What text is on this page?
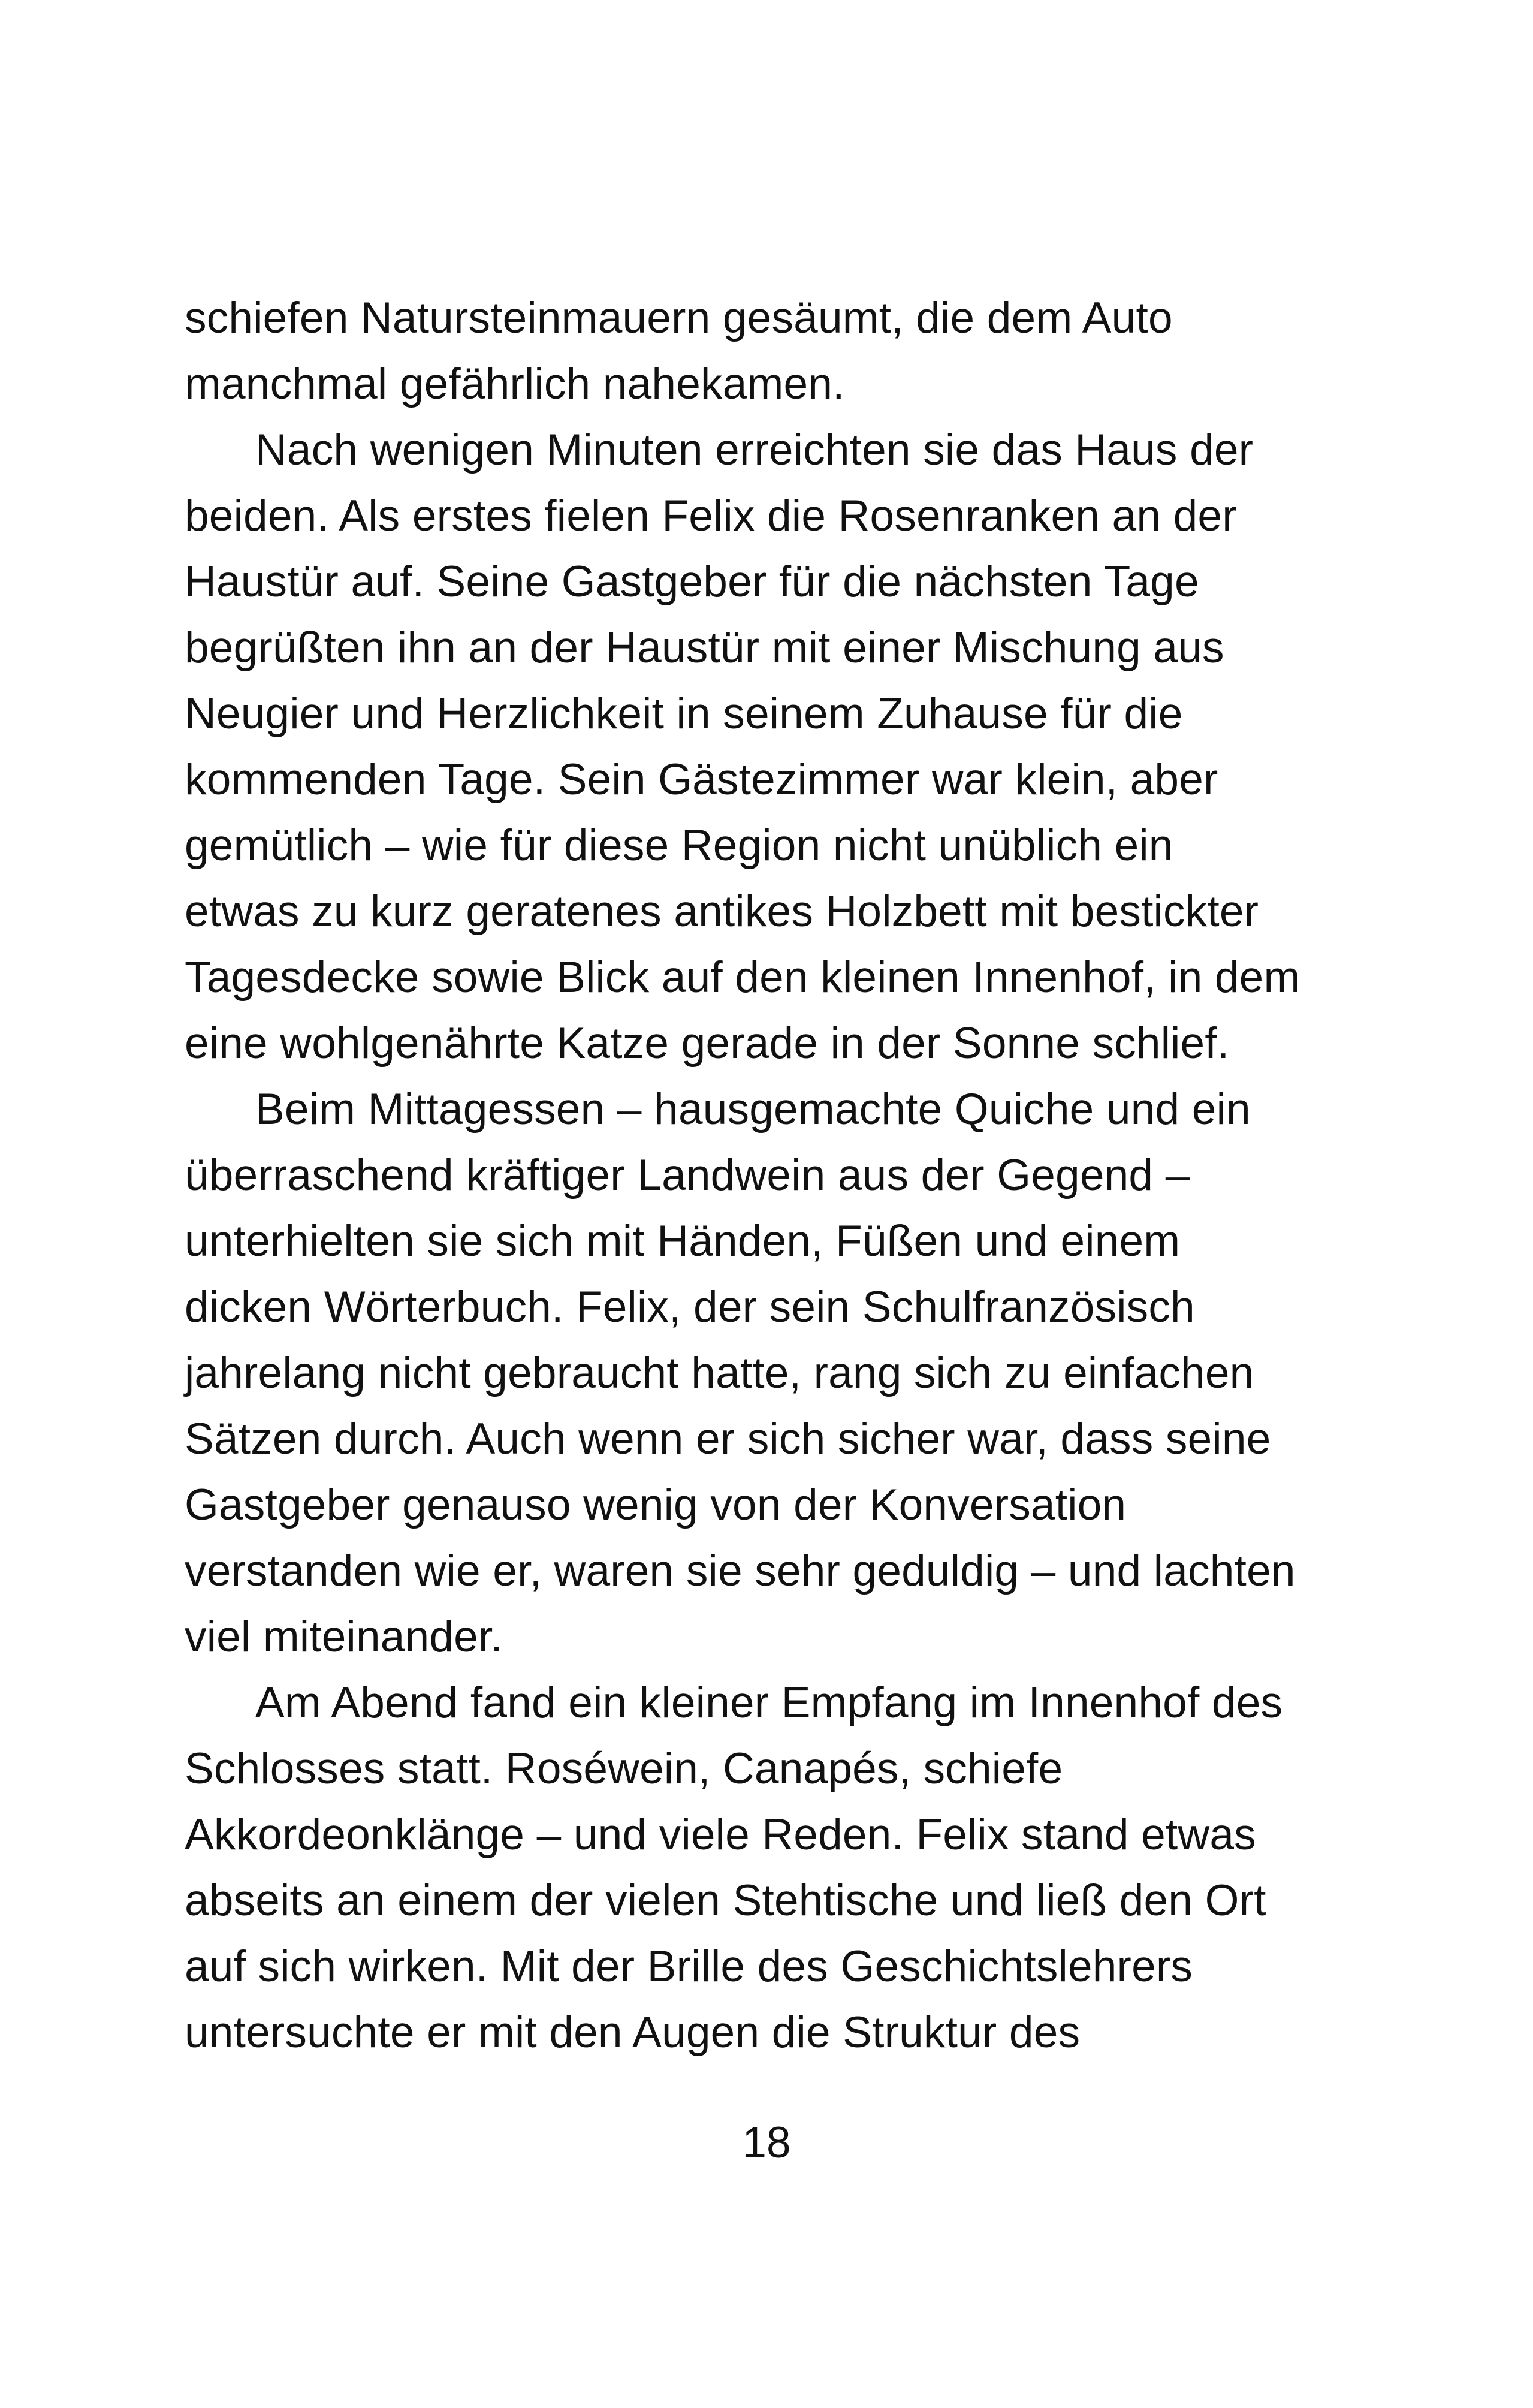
schiefen Natursteinmauern gesäumt, die dem Auto
manchmal gefährlich nahekamen.
Nach wenigen Minuten erreichten sie das Haus der
beiden. Als erstes fielen Felix die Rosenranken an der
Haustür auf. Seine Gastgeber für die nächsten Tage
begrüßten ihn an der Haustür mit einer Mischung aus
Neugier und Herzlichkeit in seinem Zuhause für die
kommenden Tage. Sein Gästezimmer war klein, aber
gemütlich – wie für diese Region nicht unüblich ein
etwas zu kurz geratenes antikes Holzbett mit bestickter
Tagesdecke sowie Blick auf den kleinen Innenhof, in dem
eine wohlgenährte Katze gerade in der Sonne schlief.
Beim Mittagessen – hausgemachte Quiche und ein
überraschend kräftiger Landwein aus der Gegend –
unterhielten sie sich mit Händen, Füßen und einem
dicken Wörterbuch. Felix, der sein Schulfranzösisch
jahrelang nicht gebraucht hatte, rang sich zu einfachen
Sätzen durch. Auch wenn er sich sicher war, dass seine
Gastgeber genauso wenig von der Konversation
verstanden wie er, waren sie sehr geduldig – und lachten
viel miteinander.
Am Abend fand ein kleiner Empfang im Innenhof des
Schlosses statt. Roséwein, Canapés, schiefe
Akkordeonklänge – und viele Reden. Felix stand etwas
abseits an einem der vielen Stehtische und ließ den Ort
auf sich wirken. Mit der Brille des Geschichtslehrers
untersuchte er mit den Augen die Struktur des
18
